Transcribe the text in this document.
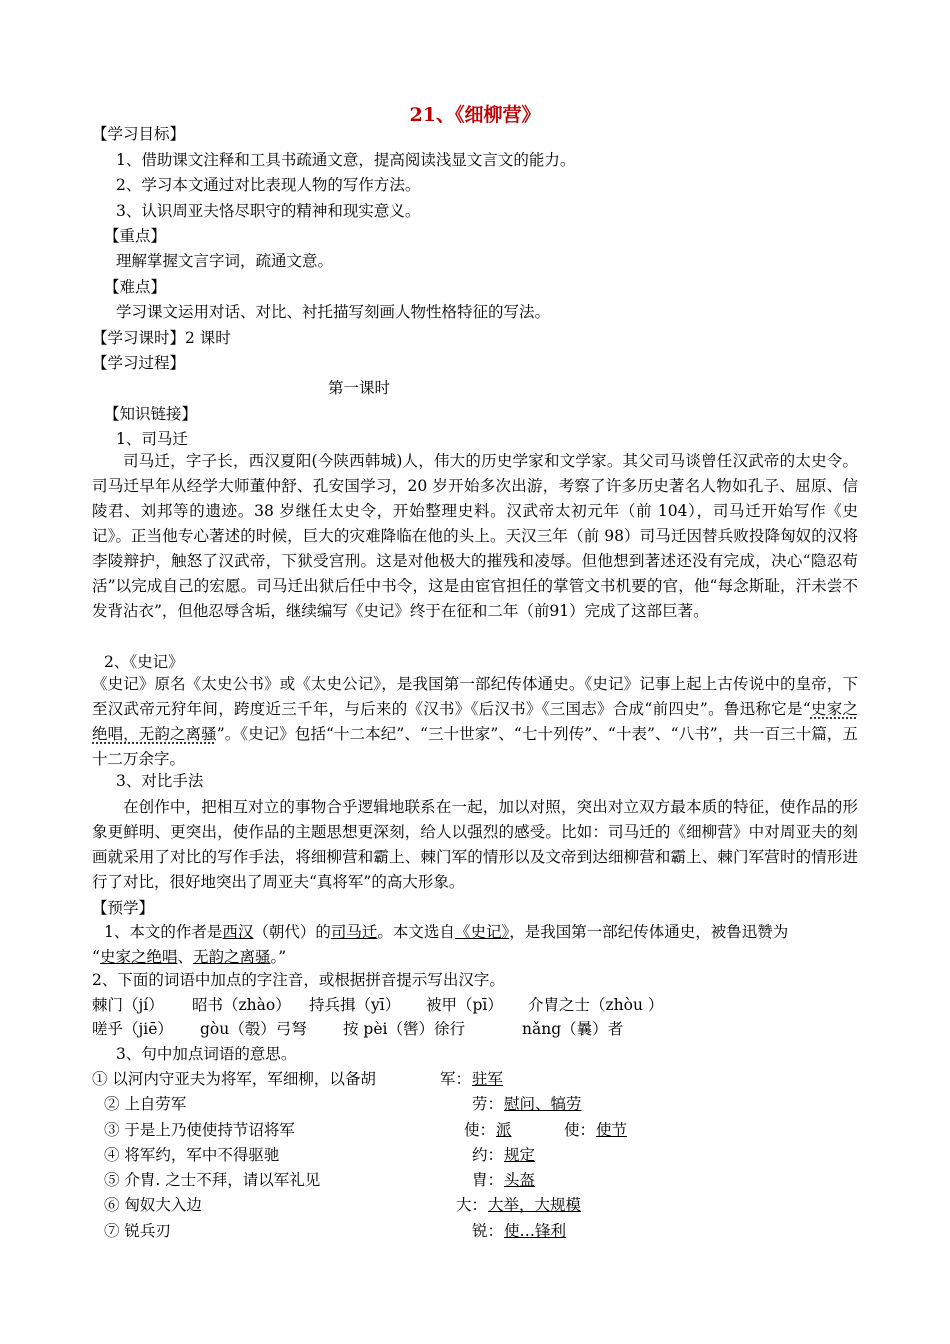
21、《细柳营》
【学习目标】
1、借助课文注释和工具书疏通文意，提高阅读浅显文言文的能力。
2、学习本文通过对比表现人物的写作方法。
3、认识周亚夫恪尽职守的精神和现实意义。
【重点】
理解掌握文言字词，疏通文意。
【难点】
学习课文运用对话、对比、衬托描写刻画人物性格特征的写法。
【学习课时】2 课时
【学习过程】
第一课时
【知识链接】
1、司马迁
司马迁，字子长，西汉夏阳(今陕西韩城)人，伟大的历史学家和文学家。其父司马谈曾任汉武帝的太史令。司马迁早年从经学大师董仲舒、孔安国学习，20 岁开始多次出游，考察了许多历史著名人物如孔子、屈原、信陵君、刘邦等的遗迹。38 岁继任太史令，开始整理史料。汉武帝太初元年（前 104），司马迁开始写作《史记》。正当他专心著述的时候，巨大的灾难降临在他的头上。天汉三年（前 98）司马迁因替兵败投降匈奴的汉将李陵辩护，触怒了汉武帝，下狱受宫刑。这是对他极大的摧残和凌辱。但他想到著述还没有完成，决心“隐忍苟活”以完成自己的宏愿。司马迁出狱后任中书令，这是由宦官担任的掌管文书机要的官，他“每念斯耻，汗未尝不发背沾衣”，但他忍辱含垢，继续编写《史记》终于在征和二年（前91）完成了这部巨著。
2、《史记》
《史记》原名《太史公书》或《太史公记》，是我国第一部纪传体通史。《史记》记事上起上古传说中的皇帝，下至汉武帝元狩年间，跨度近三千年，与后来的《汉书》《后汉书》《三国志》合成“前四史”。鲁迅称它是“史家之绝唱，无韵之离骚”。《史记》包括“十二本纪”、“三十世家”、“七十列传”、“十表”、“八书”，共一百三十篇，五十二万余字。
3、对比手法
在创作中，把相互对立的事物合乎逻辑地联系在一起，加以对照，突出对立双方最本质的特征，使作品的形象更鲜明、更突出，使作品的主题思想更深刻，给人以强烈的感受。比如：司马迁的《细柳营》中对周亚夫的刻画就采用了对比的写作手法，将细柳营和霸上、棘门军的情形以及文帝到达细柳营和霸上、棘门军营时的情形进行了对比，很好地突出了周亚夫“真将军”的高大形象。
【预学】
1、本文的作者是西汉（朝代）的司马迁。本文选自《史记》，是我国第一部纪传体通史，被鲁迅赞为
“史家之绝唱、无韵之离骚。”
2、下面的词语中加点的字注音，或根据拼音提示写出汉字。
棘门（jí） 昭书（zhào） 持兵揖（yī） 被甲（pī） 介胄之士（zhòu ）
嗟乎（jiē） gòu（彀）弓弩 按 pèi（辔）徐行	nǎng（曩）者
3、句中加点词语的意思。
① 以河内守亚夫为将军，军细柳，以备胡	军： 驻军
② 上自劳军	劳： 慰问、犒劳
③ 于是上乃使使持节诏将军	使： 派	使： 使节
④ 将军约，军中不得驱驰	约： 规定
⑤ 介胄. 之士不拜，请以军礼见	胄： 头盔
⑥ 匈奴大入边	大： 大举，大规模
⑦ 锐兵刃	锐： 使…锋利
